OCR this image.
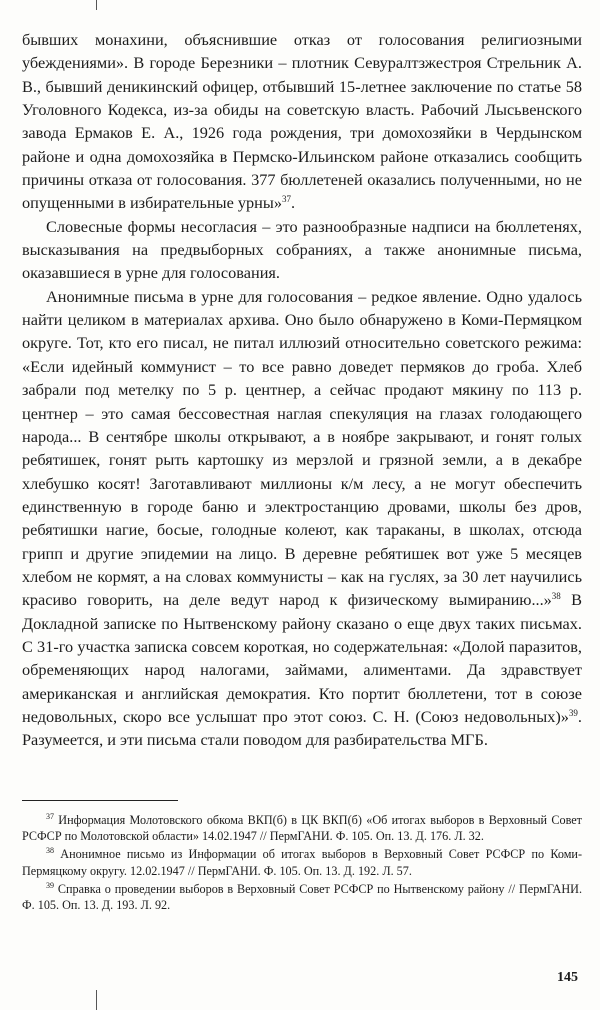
бывших монахини, объяснившие отказ от голосования религиозными убеждениями». В городе Березники – плотник Севуралтзжестроя Стрельник А. В., бывший деникинский офицер, отбывший 15-летнее заключение по статье 58 Уголовного Кодекса, из-за обиды на советскую власть. Рабочий Лысьвенского завода Ермаков Е. А., 1926 года рождения, три домохозяйки в Чердынском районе и одна домохозяйка в Пермско-Ильинском районе отказались сообщить причины отказа от голосования. 377 бюллетеней оказались полученными, но не опущенными в избирательные урны»$^{37}$.

Словесные формы несогласия – это разнообразные надписи на бюллетенях, высказывания на предвыборных собраниях, а также анонимные письма, оказавшиеся в урне для голосования.

Анонимные письма в урне для голосования – редкое явление. Одно удалось найти целиком в материалах архива. Оно было обнаружено в Коми-Пермяцком округе. Тот, кто его писал, не питал иллюзий относительно советского режима: «Если идейный коммунист – то все равно доведет пермяков до гроба. Хлеб забрали под метелку по 5 р. центнер, а сейчас продают мякину по 113 р. центнер – это самая бессовестная наглая спекуляция на глазах голодающего народа... В сентябре школы открывают, а в ноябре закрывают, и гонят голых ребятишек, гонят рыть картошку из мерзлой и грязной земли, а в декабре хлебушко косят! Заготавливают миллионы к/м лесу, а не могут обеспечить единственную в городе баню и электростанцию дровами, школы без дров, ребятишки нагие, босые, голодные колеют, как тараканы, в школах, отсюда грипп и другие эпидемии на лицо. В деревне ребятишек вот уже 5 месяцев хлебом не кормят, а на словах коммунисты – как на гуслях, за 30 лет научились красиво говорить, на деле ведут народ к физическому вымиранию...»$^{38}$ В Докладной записке по Нытвенскому району сказано о еще двух таких письмах. С 31-го участка записка совсем короткая, но содержательная: «Долой паразитов, обременяющих народ налогами, займами, алиментами. Да здравствует американская и английская демократия. Кто портит бюллетени, тот в союзе недовольных, скоро все услышат про этот союз. С. Н. (Союз недовольных)»$^{39}$. Разумеется, и эти письма стали поводом для разбирательства МГБ.

$^{37}$ Информация Молотовского обкома ВКП(б) в ЦК ВКП(б) «Об итогах выборов в Верховный Совет РСФСР по Молотовской области» 14.02.1947 // ПермГАНИ. Ф. 105. Оп. 13. Д. 176. Л. 32.

$^{38}$ Анонимное письмо из Информации об итогах выборов в Верховный Совет РСФСР по Коми-Пермяцкому округу. 12.02.1947 // ПермГАНИ. Ф. 105. Оп. 13. Д. 192. Л. 57.

$^{39}$ Справка о проведении выборов в Верховный Совет РСФСР по Нытвенскому району // ПермГАНИ. Ф. 105. Оп. 13. Д. 193. Л. 92.

145
